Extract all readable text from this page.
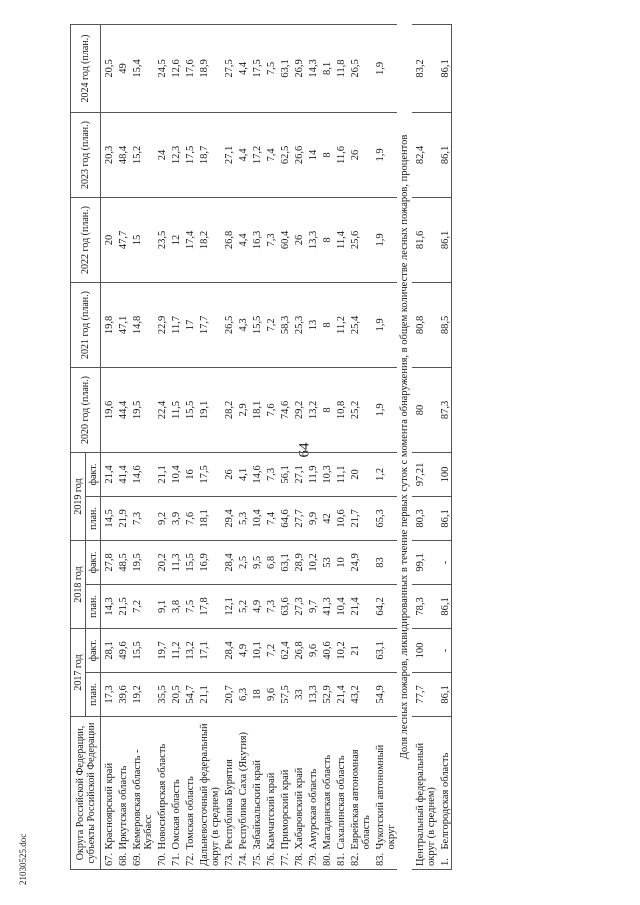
64
21030525.doc	Округа Российской Федерации, субъекты Российской Федерации		2017 год		2018 год		2019 год		2020 год (план.)	2021 год (план.)	2022 год (план.)	2023 год (план.)	2024 год (план.)
		план.	факт.	план.	факт.	план.	факт.					
67.	Красноярский край	17,3	28,1	14,3	27,8	14,5	21,4	19,6	19,8	20	20,3	20,5
68.	Иркутская область	39,6	49,6	21,5	48,5	21,9	41,4	44,4	47,1	47,7	48,4	49
69.	Кемеровская область - Кузбасс	19,2	15,5	7,2	19,5	7,3	14,6	19,5	14,8	15	15,2	15,4
70.	Новосибирская область	35,5	19,7	9,1	20,2	9,2	21,1	22,4	22,9	23,5	24	24,5
71.	Омская область	20,5	11,2	3,8	11,3	3,9	10,4	11,5	11,7	12	12,3	12,6
72.	Томская область	54,7	13,2	7,5	15,5	7,6	16	15,5	17	17,4	17,5	17,6
Дальневосточный федеральный округ (в среднем)		21,1	17,1	17,8	16,9	18,1	17,5	19,1	17,7	18,2	18,7	18,9
73.	Республика Бурятия	20,7	28,4	12,1	28,4	29,4	26	28,2	26,5	26,8	27,1	27,5
74.	Республика Саха (Якутия)	6,3	4,9	5,2	2,5	5,3	4,1	2,9	4,3	4,4	4,4	4,4
75.	Забайкальский край	18	10,1	4,9	9,5	10,4	14,6	18,1	15,5	16,3	17,2	17,5
76.	Камчатский край	9,6	7,2	7,3	6,8	7,4	7,3	7,6	7,2	7,3	7,4	7,5
77.	Приморский край	57,5	62,4	63,6	63,1	64,6	56,1	74,6	58,3	60,4	62,5	63,1
78.	Хабаровский край	33	26,8	27,3	28,9	27,7	27,1	29,2	25,3	26	26,6	26,9
79.	Амурская область	13,3	9,6	9,7	10,2	9,9	11,9	13,2	13	13,3	14	14,3
80.	Магаданская область	52,9	40,6	41,3	53	42	10,3	8	8	8	8	8,1
81.	Сахалинская область	21,4	10,2	10,4	10	10,6	11,1	10,8	11,2	11,4	11,6	11,8
82.	Еврейская автономная область	43,2	21	21,4	24,9	21,7	20	25,2	25,4	25,6	26	26,5
83.	Чукотский автономный округ	54,9	63,1	64,2	83	65,3	1,2	1,9	1,9	1,9	1,9	1,9
Доля лесных пожаров, ликвидированных в течение первых суток с момента обнаружения, в общем количестве лесных пожаров, процентов												
Центральный федеральный округ (в среднем)		77,7	100	78,3	99,1	80,3	97,21	80	80,8	81,6	82,4	83,2
1.	Белгородская область	86,1	-	86,1	-	86,1	100	87,3	88,5	86,1	86,1	86,1
